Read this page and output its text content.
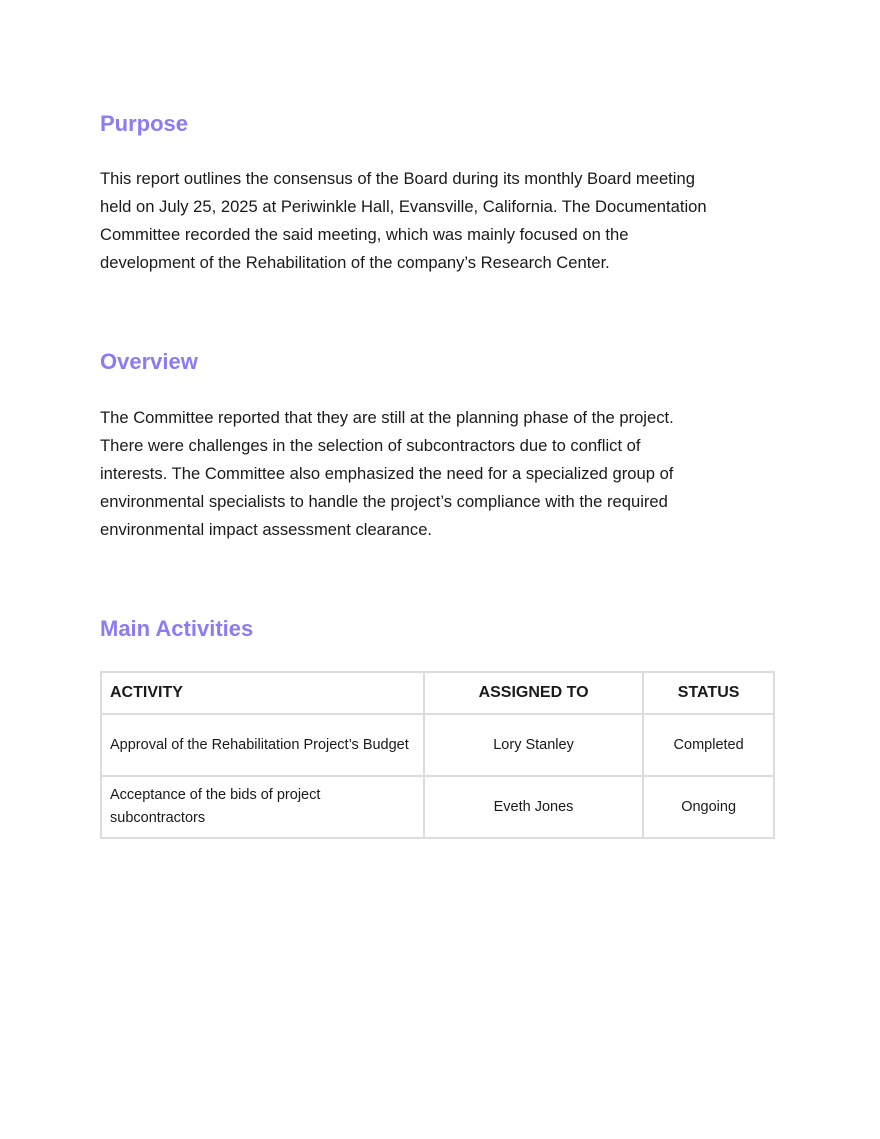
Purpose
This report outlines the consensus of the Board during its monthly Board meeting
held on July 25, 2025 at Periwinkle Hall, Evansville, California. The Documentation
Committee recorded the said meeting, which was mainly focused on the
development of the Rehabilitation of the company’s Research Center.
Overview
The Committee reported that they are still at the planning phase of the project.
There were challenges in the selection of subcontractors due to conflict of
interests. The Committee also emphasized the need for a specialized group of
environmental specialists to handle the project’s compliance with the required
environmental impact assessment clearance.
Main Activities
ACTIVITY	ASSIGNED TO	STATUS
Approval of the Rehabilitation Project’s Budget	Lory Stanley	Completed
Acceptance of the bids of project subcontractors	Eveth Jones	Ongoing
